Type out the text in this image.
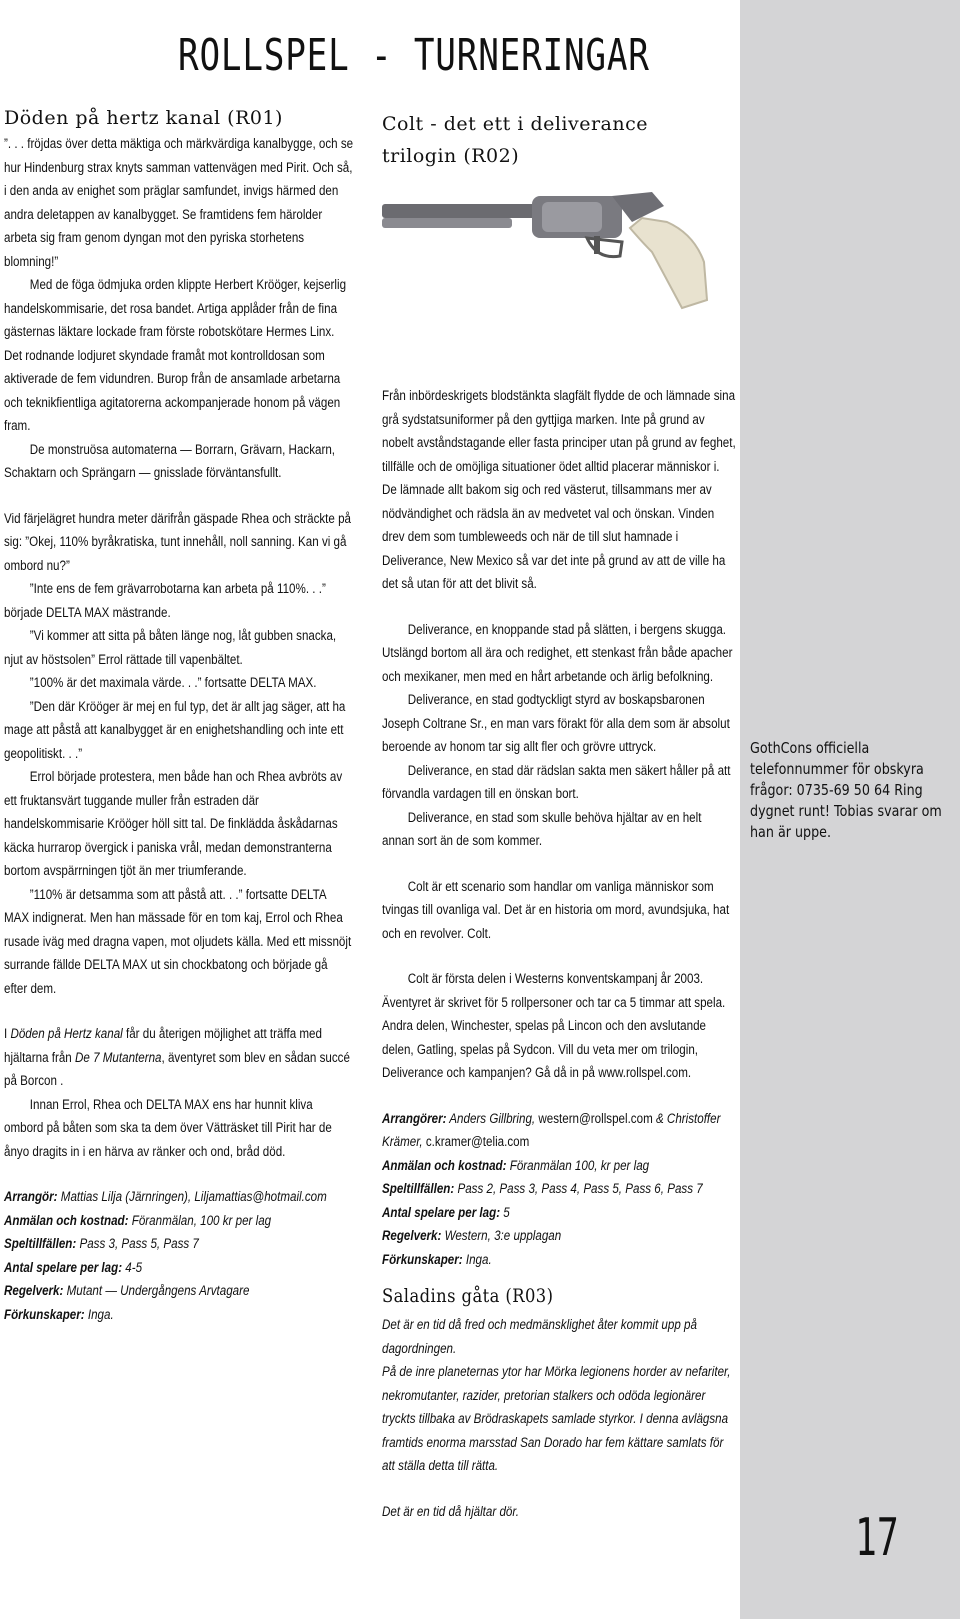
ROLLSPEL - TURNERINGAR
Döden på hertz kanal (R01)

”. . . fröjdas över detta mäktiga och märkvärdiga kanalbygge, och se hur Hindenburg strax knyts samman vattenvägen med Pirit. Och så, i den anda av enighet som präglar samfundet, invigs härmed den andra deletappen av kanalbygget. Se framtidens fem härolder arbeta sig fram genom dyngan mot den pyriska storhetens blomning!”

Med de föga ödmjuka orden klippte Herbert Krööger, kejserlig handelskommisarie, det rosa bandet. Artiga applåder från de fina gästernas läktare lockade fram förste robotskötare Hermes Linx. Det rodnande lodjuret skyndade framåt mot kontrolldosan som aktiverade de fem vidundren. Burop från de ansamlade arbetarna och teknikfientliga agitatorerna ackompanjerade honom på vägen fram.

De monstruösa automaterna — Borrarn, Grävarn, Hackarn, Schaktarn och Sprängarn — gnisslade förväntansfullt.

Vid färjelägret hundra meter därifrån gäspade Rhea och sträckte på sig: ”Okej, 110% byråkratiska, tunt innehåll, noll sanning. Kan vi gå ombord nu?”

”Inte ens de fem grävarrobotarna kan arbeta på 110%. . .” började DELTA MAX mästrande.

”Vi kommer att sitta på båten länge nog, låt gubben snacka, njut av höstsolen” Errol rättade till vapenbältet.

”100% är det maximala värde. . .” fortsatte DELTA MAX.

”Den där Krööger är mej en ful typ, det är allt jag säger, att ha mage att påstå att kanalbygget är en enighetshandling och inte ett geopolitiskt. . .”

Errol började protestera, men både han och Rhea avbröts av ett fruktansvärt tuggande muller från estraden där handelskommisarie Krööger höll sitt tal. De finklädda åskådarnas käcka hurrarop övergick i paniska vrål, medan demonstranterna bortom avspärrningen tjöt än mer triumferande.

”110% är detsamma som att påstå att. . .” fortsatte DELTA MAX indignerat. Men han mässade för en tom kaj, Errol och Rhea rusade iväg med dragna vapen, mot oljudets källa. Med ett missnöjt surrande fällde DELTA MAX ut sin chockbatong och började gå efter dem.

I Döden på Hertz kanal får du återigen möjlighet att träffa med hjältarna från De 7 Mutanterna, äventyret som blev en sådan succé på Borcon .

Innan Errol, Rhea och DELTA MAX ens har hunnit kliva ombord på båten som ska ta dem över Vätträsket till Pirit har de ånyo dragits in i en härva av ränker och ond, bråd död.

Arrangör: Mattias Lilja (Järnringen), Liljamattias@hotmail.com

Anmälan och kostnad: Föranmälan, 100 kr per lag

Speltillfällen: Pass 3, Pass 5, Pass 7

Antal spelare per lag: 4-5

Regelverk: Mutant — Undergångens Arvtagare

Förkunskaper: Inga.

Colt - det ett i deliverance trilogin (R02)

Från inbördeskrigets blodstänkta slagfält flydde de och lämnade sina grå sydstatsuniformer på den gyttjiga marken. Inte på grund av nobelt avståndstagande eller fasta principer utan på grund av feghet, tillfälle och de omöjliga situationer ödet alltid placerar människor i. De lämnade allt bakom sig och red västerut, tillsammans mer av nödvändighet och rädsla än av medvetet val och önskan. Vinden drev dem som tumbleweeds och när de till slut hamnade i Deliverance, New Mexico så var det inte på grund av att de ville ha det så utan för att det blivit så.

Deliverance, en knoppande stad på slätten, i bergens skugga. Utslängd bortom all ära och redighet, ett stenkast från både apacher och mexikaner, men med en hårt arbetande och ärlig befolkning.

Deliverance, en stad godtyckligt styrd av boskapsbaronen Joseph Coltrane Sr., en man vars förakt för alla dem som är absolut beroende av honom tar sig allt fler och grövre uttryck.

Deliverance, en stad där rädslan sakta men säkert håller på att förvandla vardagen till en önskan bort.

Deliverance, en stad som skulle behöva hjältar av en helt annan sort än de som kommer.

Colt är ett scenario som handlar om vanliga människor som tvingas till ovanliga val. Det är en historia om mord, avundsjuka, hat och en revolver. Colt.

Colt är första delen i Westerns konventskampanj år 2003. Äventyret är skrivet för 5 rollpersoner och tar ca 5 timmar att spela. Andra delen, Winchester, spelas på Lincon och den avslutande delen, Gatling, spelas på Sydcon. Vill du veta mer om trilogin, Deliverance och kampanjen? Gå då in på www.rollspel.com.

Arrangörer: Anders Gillbring, western@rollspel.com & Christoffer Krämer, c.kramer@telia.com

Anmälan och kostnad: Föranmälan 100, kr per lag

Speltillfällen: Pass 2, Pass 3, Pass 4, Pass 5, Pass 6, Pass 7

Antal spelare per lag: 5

Regelverk: Western, 3:e upplagan

Förkunskaper: Inga.

Saladins gåta (R03)

Det är en tid då fred och medmänsklighet åter kommit upp på dagordningen.

På de inre planeternas ytor har Mörka legionens horder av nefariter, nekromutanter, razider, pretorian stalkers och odöda legionärer tryckts tillbaka av Brödraskapets samlade styrkor. I denna avlägsna framtids enorma marsstad San Dorado har fem kättare samlats för att ställa detta till rätta.

Det är en tid då hjältar dör.

GothCons officiella telefonnummer för obskyra frågor: 0735-69 50 64 Ring dygnet runt! Tobias svarar om han är uppe.
17
